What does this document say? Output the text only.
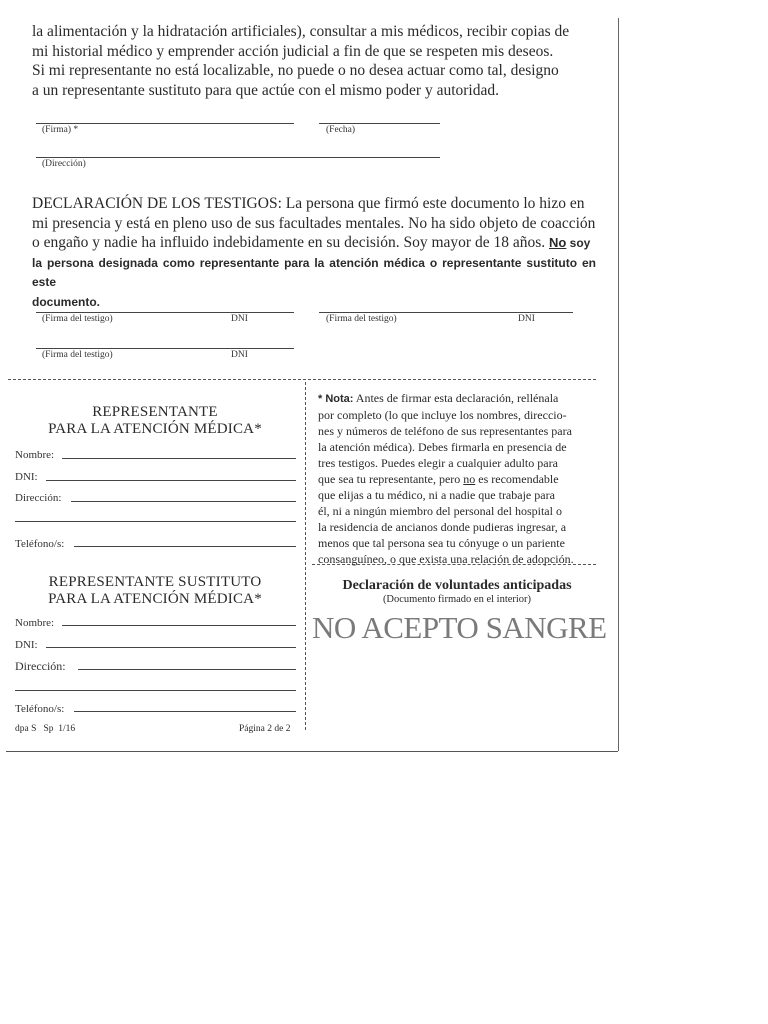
la alimentación y la hidratación artificiales), consultar a mis médicos, recibir copias de
mi historial médico y emprender acción judicial a fin de que se respeten mis deseos.
Si mi representante no está localizable, no puede o no desea actuar como tal, designo
a un representante sustituto para que actúe con el mismo poder y autoridad.
(Firma) *	(Fecha)
(Dirección)
DECLARACIÓN DE LOS TESTIGOS: La persona que firmó este documento lo hizo en
mi presencia y está en pleno uso de sus facultades mentales. No ha sido objeto de coacción
o engaño y nadie ha influido indebidamente en su decisión. Soy mayor de 18 años. No soy
la persona designada como representante para la atención médica o representante sustituto en este
documento.
(Firma del testigo)	DNI	(Firma del testigo)	DNI
(Firma del testigo)	DNI
REPRESENTANTE
PARA LA ATENCIÓN MÉDICA*
Nombre:
DNI:
Dirección:
Teléfono/s:
REPRESENTANTE SUSTITUTO
PARA LA ATENCIÓN MÉDICA*
Nombre:
DNI:
Dirección:
Teléfono/s:
dpa S   Sp  1/16	Página 2 de 2
* Nota: Antes de firmar esta declaración, rellénala
por completo (lo que incluye los nombres, direccio-
nes y números de teléfono de sus representantes para
la atención médica). Debes firmarla en presencia de
tres testigos. Puedes elegir a cualquier adulto para
que sea tu representante, pero no es recomendable
que elijas a tu médico, ni a nadie que trabaje para
él, ni a ningún miembro del personal del hospital o
la residencia de ancianos donde pudieras ingresar, a
menos que tal persona sea tu cónyuge o un pariente
consanguíneo, o que exista una relación de adopción.
Declaración de voluntades anticipadas
(Documento firmado en el interior)
NO ACEPTO SANGRE
